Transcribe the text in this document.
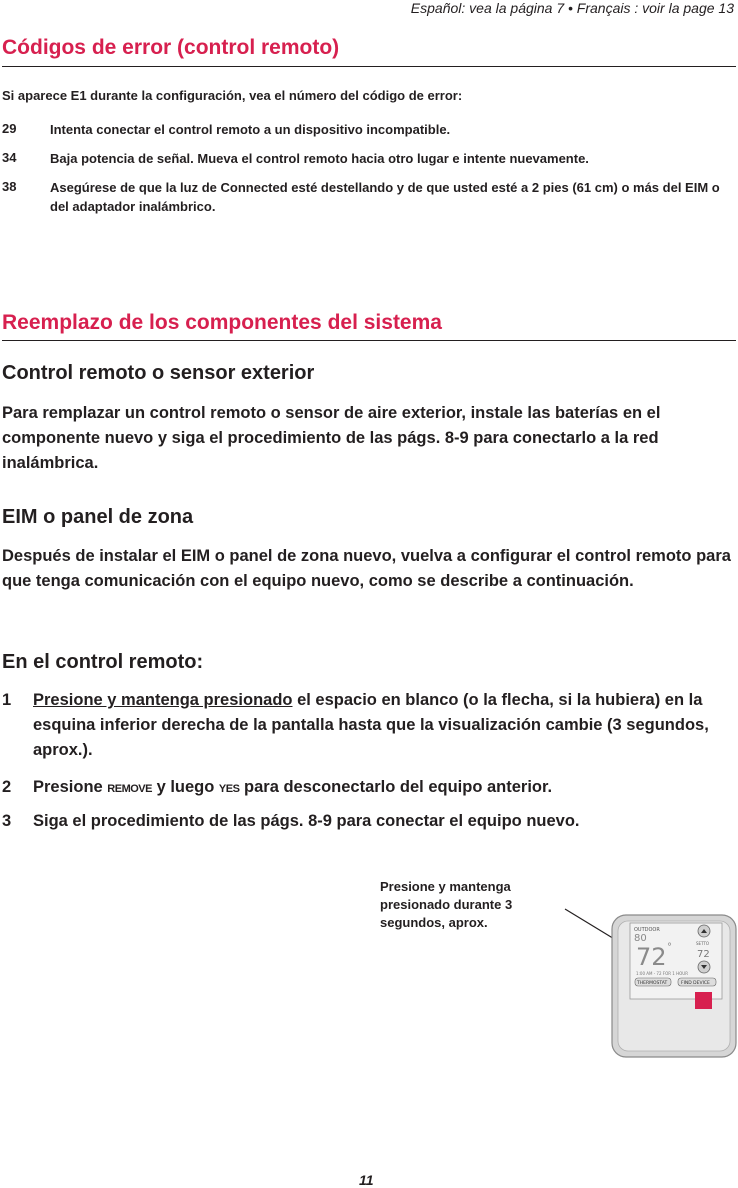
Español: vea la página 7 • Français : voir la page 13
Códigos de error (control remoto)
Si aparece E1 durante la configuración, vea el número del código de error:
29	Intenta conectar el control remoto a un dispositivo incompatible.
34	Baja potencia de señal. Mueva el control remoto hacia otro lugar e intente nuevamente.
38	Asegúrese de que la luz de Connected esté destellando y de que usted esté a 2 pies (61 cm) o más del EIM o del adaptador inalámbrico.
Reemplazo de los componentes del sistema
Control remoto o sensor exterior
Para remplazar un control remoto o sensor de aire exterior, instale las baterías en el componente nuevo y siga el procedimiento de las págs. 8-9 para conectarlo a la red inalámbrica.
EIM o panel de zona
Después de instalar el EIM o panel de zona nuevo, vuelva a configurar el control remoto para que tenga comunicación con el equipo nuevo, como se describe a continuación.
En el control remoto:
1 Presione y mantenga presionado el espacio en blanco (o la flecha, si la hubiera) en la esquina inferior derecha de la pantalla hasta que la visualización cambie (3 segundos, aprox.).
2 Presione REMOVE y luego YES para desconectarlo del equipo anterior.
3 Siga el procedimiento de las págs. 8-9 para conectar el equipo nuevo.
Presione y mantenga presionado durante 3 segundos, aprox.	OUTDOOR
80
72 °	SETTO
72
1:00 AM - 72 FOR 1 HOUR
THERMOSTAT	FIND DEVICE
11
